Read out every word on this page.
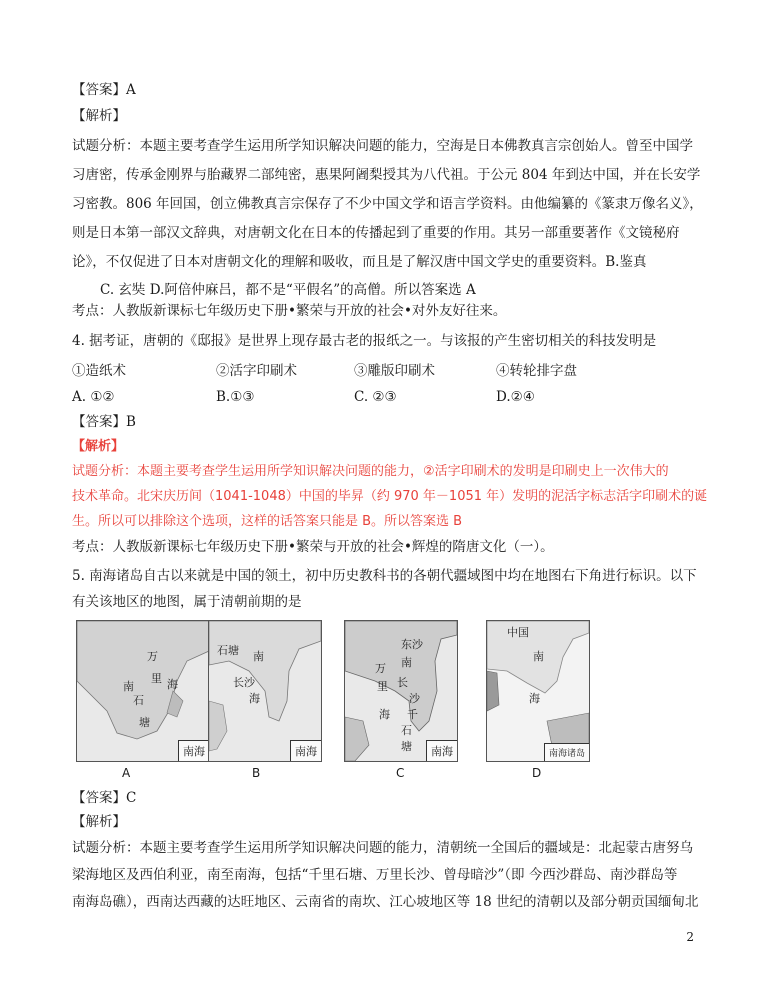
【答案】A
【解析】
试题分析：本题主要考查学生运用所学知识解决问题的能力，空海是日本佛教真言宗创始人。曾至中国学
习唐密，传承金刚界与胎藏界二部纯密，惠果阿阇梨授其为八代祖。于公元 804 年到达中国，并在长安学
习密教。806 年回国，创立佛教真言宗保存了不少中国文学和语言学资料。由他编纂的《篆隶万像名义》，
则是日本第一部汉文辞典，对唐朝文化在日本的传播起到了重要的作用。其另一部重要著作《文镜秘府
论》，不仅促进了日本对唐朝文化的理解和吸收，而且是了解汉唐中国文学史的重要资料。B.鉴真
C. 玄奘 D.阿倍仲麻吕，都不是“平假名”的高僧。所以答案选 A
考点：人教版新课标七年级历史下册•繁荣与开放的社会•对外友好往来。
4. 据考证，唐朝的《邸报》是世界上现存最古老的报纸之一。与该报的产生密切相关的科技发明是
①造纸术	②活字印刷术	③雕版印刷术	④转轮排字盘
A. ①②	B.①③	C. ②③	D.②④
【答案】B
【解析】
试题分析：本题主要考查学生运用所学知识解决问题的能力，②活字印刷术的发明是印刷史上一次伟大的
技术革命。北宋庆历间（1041-1048）中国的毕昇（约 970 年－1051 年）发明的泥活字标志活字印刷术的诞
生。所以可以排除这个选项，这样的话答案只能是 B。所以答案选 B
考点：人教版新课标七年级历史下册•繁荣与开放的社会•辉煌的隋唐文化（一）。
5. 南海诸岛自古以来就是中国的领土，初中历史教科书的各朝代疆域图中均在地图右下角进行标识。以下
有关该地区的地图，属于清朝前期的是
万
里 海
南
石
塘
南海
A
南
石塘
海
长沙
南海
B
东沙
南
万
里 长
沙
千
海
石
塘	南海
C
中国
南
海
南海诸岛
D
【答案】C
【解析】
试题分析：本题主要考查学生运用所学知识解决问题的能力，清朝统一全国后的疆域是：北起蒙古唐努乌
梁海地区及西伯利亚，南至南海，包括“千里石塘、万里长沙、曾母暗沙”（即 今西沙群岛、南沙群岛等
南海岛礁），西南达西藏的达旺地区、云南省的南坎、江心坡地区等 18 世纪的清朝以及部分朝贡国缅甸北
2
